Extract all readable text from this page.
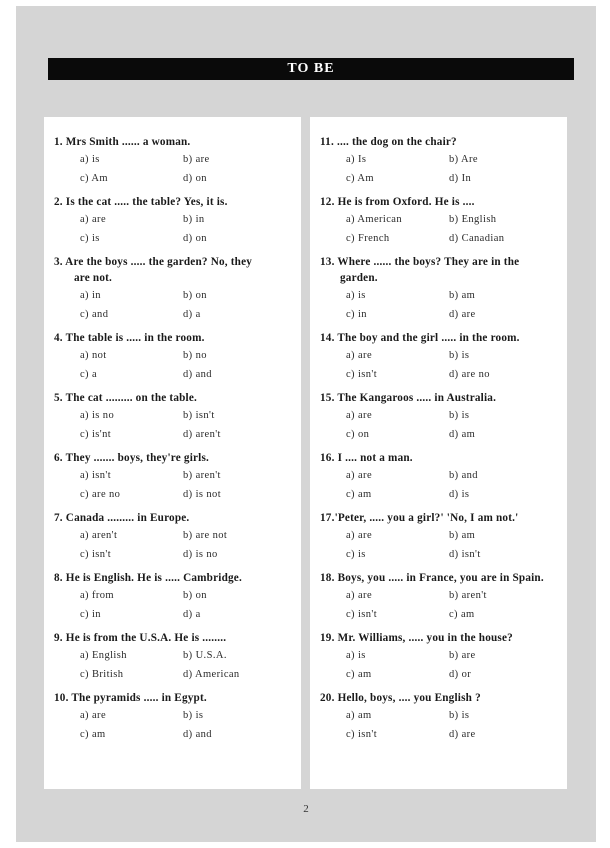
TO BE
1. Mrs Smith ...... a woman.
a) is	b) are
c) Am	d) on
2. Is the cat ..... the table? Yes, it is.
a) are	b) in
c) is	d) on
3. Are the boys ..... the garden? No, they
are not.
a) in	b) on
c) and	d) a
4. The table is ..... in the room.
a) not	b) no
c) a	d) and
5. The cat ......... on the table.
a) is no	b) isn't
c) is'nt	d) aren't
6. They ....... boys, they're girls.
a) isn't	b) aren't
c) are no	d) is not
7. Canada ......... in Europe.
a) aren't	b) are not
c) isn't	d) is no
8. He is English. He is ..... Cambridge.
a) from	b) on
c) in	d) a
9. He is from the U.S.A. He is ........
a) English	b) U.S.A.
c) British	d) American
10. The pyramids ..... in Egypt.
a) are	b) is
c) am	d) and
11. .... the dog on the chair?
a) Is	b) Are
c) Am	d) In
12. He is from Oxford. He is ....
a) American	b) English
c) French	d) Canadian
13. Where ...... the boys? They are in the
garden.
a) is	b) am
c) in	d) are
14. The boy and the girl ..... in the room.
a) are	b) is
c) isn't	d) are no
15. The Kangaroos ..... in Australia.
a) are	b) is
c) on	d) am
16. I .... not a man.
a) are	b) and
c) am	d) is
17.'Peter, ..... you a girl?' 'No, I am not.'
a) are	b) am
c) is	d) isn't
18. Boys, you ..... in France, you are in Spain.
a) are	b) aren't
c) isn't	c) am
19. Mr. Williams, ..... you in the house?
a) is	b) are
c) am	d) or
20. Hello, boys, .... you English ?
a) am	b) is
c) isn't	d) are
2
